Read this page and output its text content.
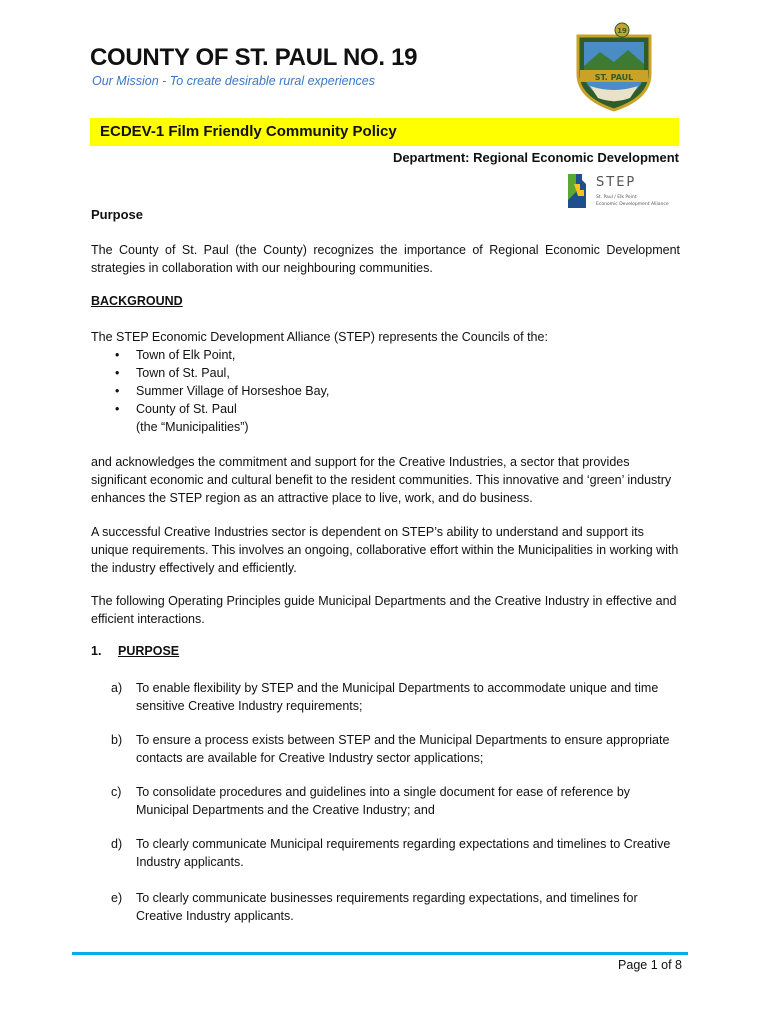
COUNTY OF ST. PAUL NO. 19
Our Mission - To create desirable rural experiences	ST. PAUL
19
ECDEV-1 Film Friendly Community Policy
Department: Regional Economic Development
STEP
St. Paul / Elk Point
Economic Development Alliance
Purpose
The County of St. Paul (the County) recognizes the importance of Regional Economic Development strategies in collaboration with our neighbouring communities.
BACKGROUND
The STEP Economic Development Alliance (STEP) represents the Councils of the:
• Town of Elk Point,
• Town of St. Paul,
• Summer Village of Horseshoe Bay,
• County of St. Paul
(the “Municipalities”)
and acknowledges the commitment and support for the Creative Industries, a sector that provides significant economic and cultural benefit to the resident communities. This innovative and ‘green’ industry enhances the STEP region as an attractive place to live, work, and do business.
A successful Creative Industries sector is dependent on STEP’s ability to understand and support its unique requirements. This involves an ongoing, collaborative effort within the Municipalities in working with the industry effectively and efficiently.
The following Operating Principles guide Municipal Departments and the Creative Industry in effective and efficient interactions.
1. PURPOSE
a) To enable flexibility by STEP and the Municipal Departments to accommodate unique and time sensitive Creative Industry requirements;
b) To ensure a process exists between STEP and the Municipal Departments to ensure appropriate contacts are available for Creative Industry sector applications;
c) To consolidate procedures and guidelines into a single document for ease of reference by Municipal Departments and the Creative Industry; and
d) To clearly communicate Municipal requirements regarding expectations and timelines to Creative Industry applicants.
e) To clearly communicate businesses requirements regarding expectations, and timelines for Creative Industry applicants.
Page 1 of 8
